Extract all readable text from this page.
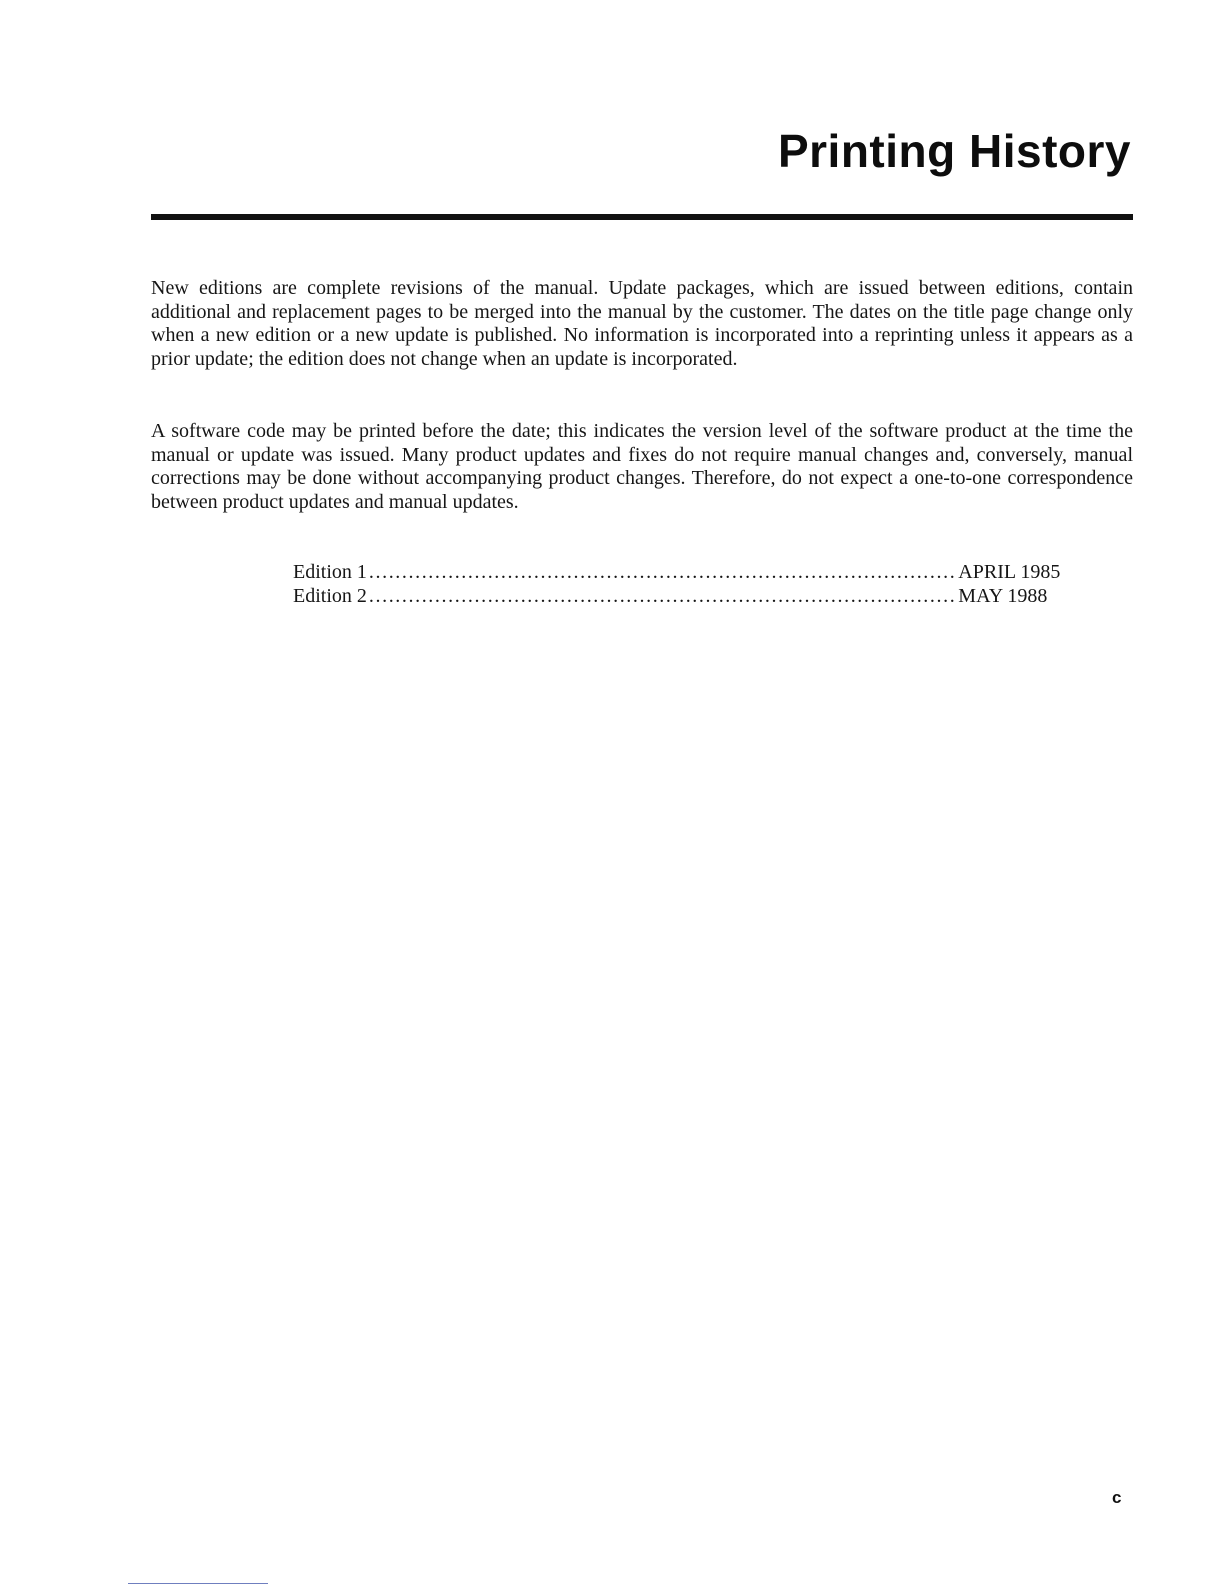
Printing History

New editions are complete revisions of the manual. Update packages, which are issued between editions, contain additional and replacement pages to be merged into the manual by the customer. The dates on the title page change only when a new edition or a new update is published. No information is incorporated into a reprinting unless it appears as a prior update; the edition does not change when an update is incorporated.

A software code may be printed before the date; this indicates the version level of the software product at the time the manual or update was issued. Many product updates and fixes do not require manual changes and, conversely, manual corrections may be done without accompanying product changes. Therefore, do not expect a one-to-one correspondence between product updates and manual updates.

Edition 1 ......................................................................................... APRIL 1985
Edition 2 ......................................................................................... MAY 1988
c
